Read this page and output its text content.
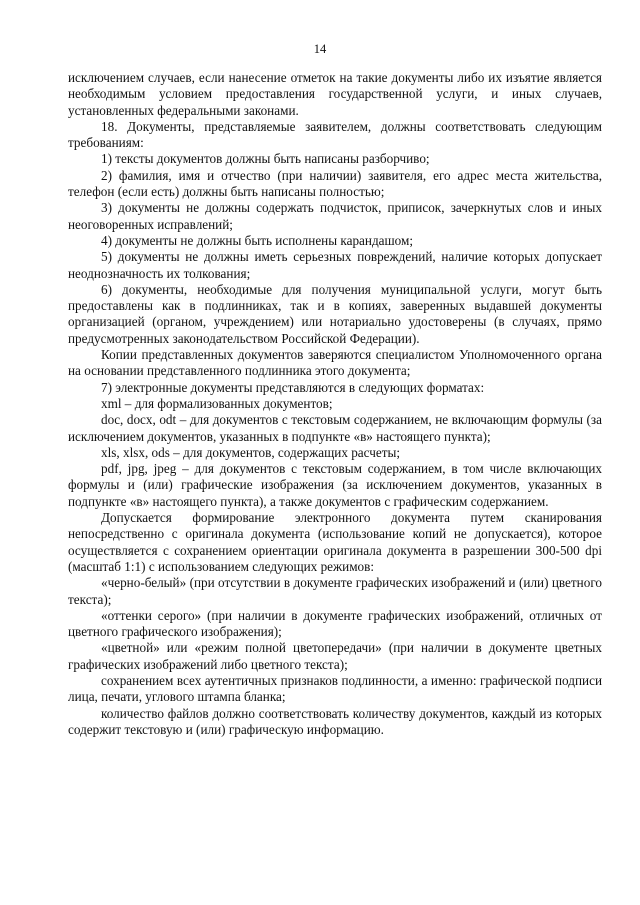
14

исключением случаев, если нанесение отметок на такие документы либо их изъятие является необходимым условием предоставления государственной услуги, и иных случаев, установленных федеральными законами.

18. Документы, представляемые заявителем, должны соответствовать следующим требованиям:

1) тексты документов должны быть написаны разборчиво;

2) фамилия, имя и отчество (при наличии) заявителя, его адрес места жительства, телефон (если есть) должны быть написаны полностью;

3) документы не должны содержать подчисток, приписок, зачеркнутых слов и иных неоговоренных исправлений;

4) документы не должны быть исполнены карандашом;

5) документы не должны иметь серьезных повреждений, наличие которых допускает неоднозначность их толкования;

6) документы, необходимые для получения муниципальной услуги, могут быть предоставлены как в подлинниках, так и в копиях, заверенных выдавшей документы организацией (органом, учреждением) или нотариально удостоверены (в случаях, прямо предусмотренных законодательством Российской Федерации).

Копии представленных документов заверяются специалистом Уполномоченного органа на основании представленного подлинника этого документа;

7) электронные документы представляются в следующих форматах:

xml – для формализованных документов;

doc, docx, odt – для документов с текстовым содержанием, не включающим формулы (за исключением документов, указанных в подпункте «в» настоящего пункта);

xls, xlsx, ods – для документов, содержащих расчеты;

pdf, jpg, jpeg – для документов с текстовым содержанием, в том числе включающих формулы и (или) графические изображения (за исключением документов, указанных в подпункте «в» настоящего пункта), а также документов с графическим содержанием.

Допускается формирование электронного документа путем сканирования непосредственно с оригинала документа (использование копий не допускается), которое осуществляется с сохранением ориентации оригинала документа в разрешении 300-500 dpi (масштаб 1:1) с использованием следующих режимов:

«черно-белый» (при отсутствии в документе графических изображений и (или) цветного текста);

«оттенки серого» (при наличии в документе графических изображений, отличных от цветного графического изображения);

«цветной» или «режим полной цветопередачи» (при наличии в документе цветных графических изображений либо цветного текста);

сохранением всех аутентичных признаков подлинности, а именно: графической подписи лица, печати, углового штампа бланка;

количество файлов должно соответствовать количеству документов, каждый из которых содержит текстовую и (или) графическую информацию.
